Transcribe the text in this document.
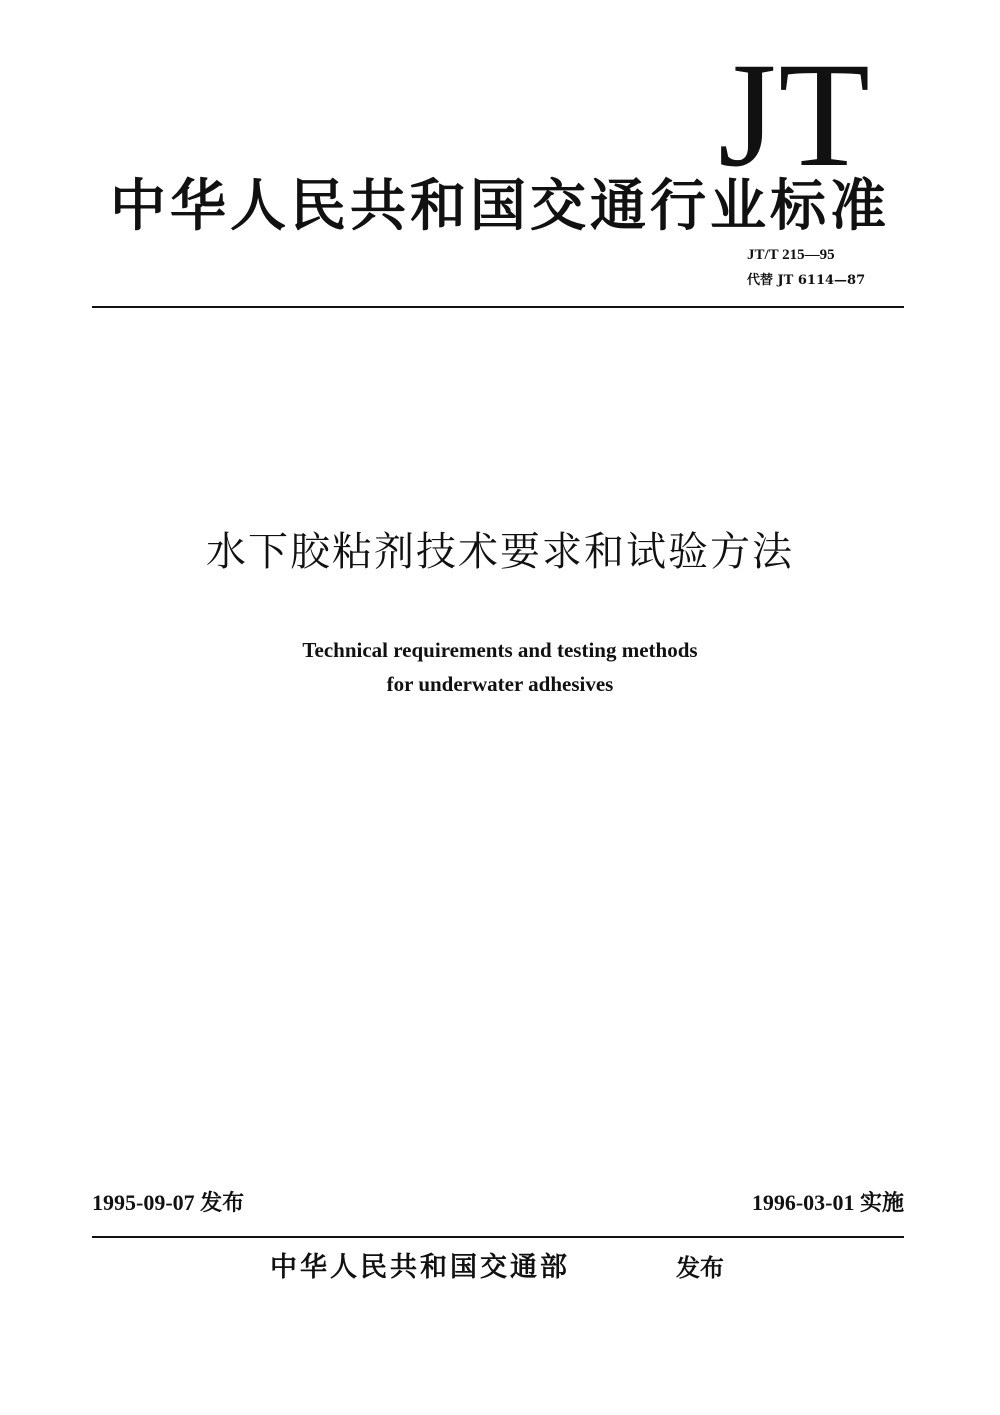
JT
中华人民共和国交通行业标准
JT/T 215—95
代替 JT 6114—87
水下胶粘剂技术要求和试验方法
Technical requirements and testing methods
for underwater adhesives
1995-09-07 发布	1996-03-01 实施
中华人民共和国交通部	发布
